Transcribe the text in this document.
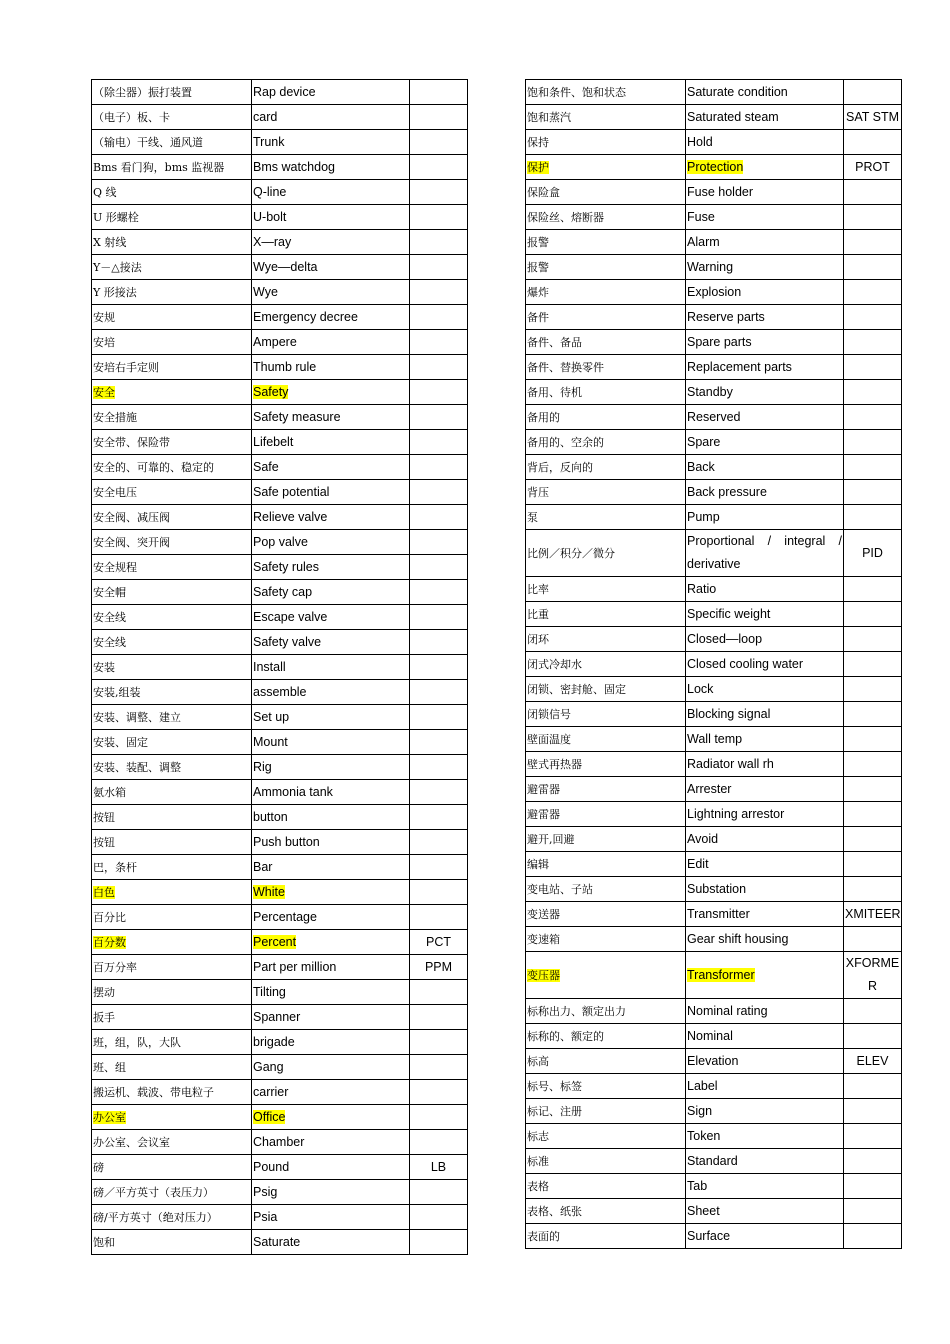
（除尘器）振打装置	Rap device	
（电子）板、卡	card	
（输电）干线、通风道	Trunk	
Bms 看门狗，bms 监视器	Bms watchdog	
Q 线	Q-line	
U 形螺栓	U-bolt	
X 射线	X—ray	
Y－△接法	Wye—delta	
Y 形接法	Wye	
安规	Emergency decree	
安培	Ampere	
安培右手定则	Thumb rule	
安全	Safety	
安全措施	Safety measure	
安全带、保险带	Lifebelt	
安全的、可靠的、稳定的	Safe	
安全电压	Safe potential	
安全阀、减压阀	Relieve valve	
安全阀、突开阀	Pop valve	
安全规程	Safety rules	
安全帽	Safety cap	
安全线	Escape valve	
安全线	Safety valve	
安装	Install	
安装,组装	assemble	
安装、调整、建立	Set up	
安装、固定	Mount	
安装、装配、调整	Rig	
氨水箱	Ammonia tank	
按钮	button	
按钮	Push button	
巴，条杆	Bar	
白色	White	
百分比	Percentage	
百分数	Percent	PCT
百万分率	Part per million	PPM
摆动	Tilting	
扳手	Spanner	
班，组，队，大队	brigade	
班、组	Gang	
搬运机、载波、带电粒子	carrier	
办公室	Office	
办公室、会议室	Chamber	
磅	Pound	LB
磅／平方英寸（表压力）	Psig	
磅/平方英寸（绝对压力）	Psia	
饱和	Saturate	
饱和条件、饱和状态	Saturate condition	
饱和蒸汽	Saturated steam	SAT STM
保持	Hold	
保护	Protection	PROT
保险盒	Fuse holder	
保险丝、熔断器	Fuse	
报警	Alarm	
报警	Warning	
爆炸	Explosion	
备件	Reserve parts	
备件、备品	Spare parts	
备件、替换零件	Replacement parts	
备用、待机	Standby	
备用的	Reserved	
备用的、空余的	Spare	
背后，反向的	Back	
背压	Back pressure	
泵	Pump	
比例／积分／微分	Proportional / integral / derivative	PID
比率	Ratio	
比重	Specific weight	
闭环	Closed—loop	
闭式冷却水	Closed cooling water	
闭锁、密封舱、固定	Lock	
闭锁信号	Blocking signal	
壁面温度	Wall temp	
壁式再热器	Radiator wall rh	
避雷器	Arrester	
避雷器	Lightning arrestor	
避开,回避	Avoid	
编辑	Edit	
变电站、子站	Substation	
变送器	Transmitter	XMITEER
变速箱	Gear shift housing	
变压器	Transformer	XFORMER
标称出力、额定出力	Nominal rating	
标称的、额定的	Nominal	
标高	Elevation	ELEV
标号、标签	Label	
标记、注册	Sign	
标志	Token	
标准	Standard	
表格	Tab	
表格、纸张	Sheet	
表面的	Surface	
